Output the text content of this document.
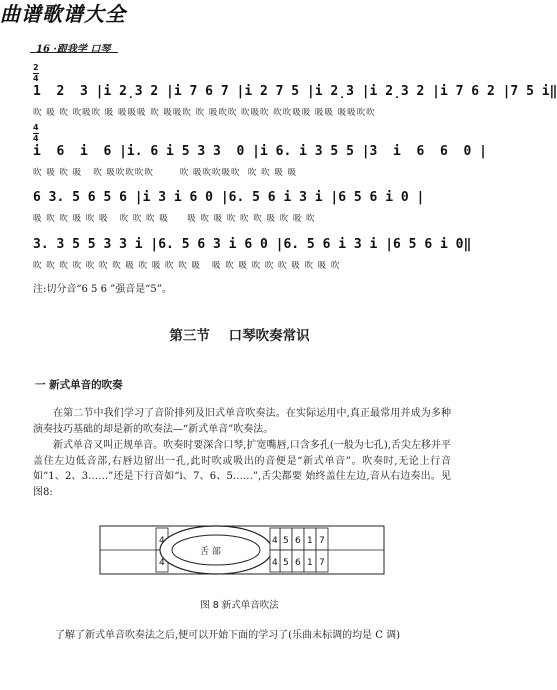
曲谱歌谱大全
16 ·跟我学 口琴
2
4
1  2  3 |i 2̣3 2 |i 7 6 7 |i 2 7 5 |i 2̣3 |i 2̣3 2 |i 7 6 2 |7 5 i‖
吹 吸 吹 吹吸吹 吸 吸吸吸 吹 吸吸吹 吹 吸吹吹 吹吸吹 吹吹吸吸 吸吸 吸吸吹吹
4
4
i  6  i  6 |i. 6 i 5 3 3  0 |i 6. i 3 5 5 |3  i  6  6  0 |
吹 吸 吹 吸   吹 吸吹吹吹吹       吹 吸吹吹吸吹  吹 吹 吸 吸
6 3. 5 6 5 6 |i 3 i 6 0 |6. 5 6 i 3 i |6 5 6 i 0 |
吸 吹 吹 吸 吹 吸   吹 吹 吹 吸     吸 吹 吸 吹 吹 吹 吸 吹 吸 吹
3. 3 5 5 3 3 i |6. 5 6 3 i 6 0 |6. 5 6 i 3 i |6 5 6 i 0‖
吹 吹 吹 吹 吹 吹 吹 吸 吹 吸 吹 吹 吸   吸 吹 吸 吹 吹 吹 吸 吹 吸 吹
注:切分音“6 5 6 ”强音是“5”。
第三节 口琴吹奏常识
一 新式单音的吹奏
在第二节中我们学习了音阶排列及旧式单音吹奏法。在实际运用中,真正最常用并成为多种演奏技巧基础的却是新的吹奏法—“新式单音”吹奏法。
新式单音又叫正规单音。吹奏时要深含口琴,扩宽嘴唇,口含多孔(一般为七孔),舌尖左移并平盖住左边低音部,右唇边留出一孔,此时吹或吸出的音便是“新式单音”。吹奏时,无论上行音如“1、2、3……”还是下行音如“i、7、6、5……”,舌尖都要 始终盖住左边,音从右边奏出。见图8:
4
4
4
4
5
5
6
6
1
1
7
7
舌 部
图 8 新式单音吹法
了解了新式单音吹奏法之后,便可以开始下面的学习了(乐曲未标调的均是 C 调)
